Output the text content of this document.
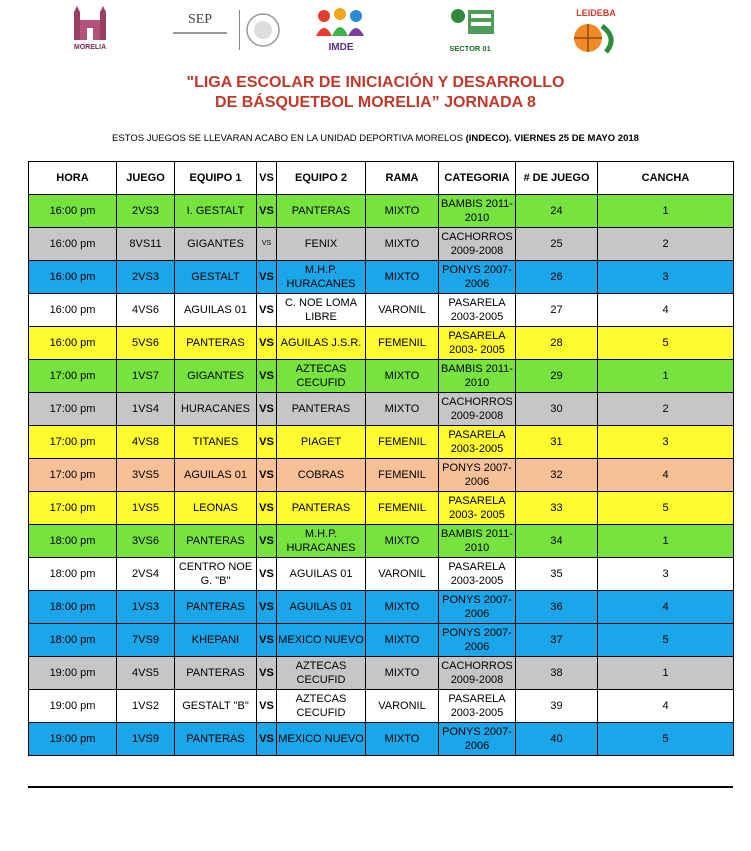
MORELIA
SEP
IMDE	SECTOR 01
LEIDEBA
"LIGA ESCOLAR DE INICIACIÓN Y DESARROLLO
DE BÁSQUETBOL MORELIA” JORNADA 8
ESTOS JUEGOS SE LLEVARAN ACABO EN LA UNIDAD DEPORTIVA MORELOS (INDECO). VIERNES 25 DE MAYO 2018
HORA	JUEGO	EQUIPO 1	VS	EQUIPO 2	RAMA	CATEGORIA	# DE JUEGO	CANCHA
16:00 pm	2VS3	I. GESTALT	VS	PANTERAS	MIXTO	BAMBIS 2011-2010	24	1
16:00 pm	8VS11	GIGANTES	VS	FENIX	MIXTO	CACHORROS 2009-2008	25	2
16:00 pm	2VS3	GESTALT	VS	M.H.P. HURACANES	MIXTO	PONYS 2007-2006	26	3
16:00 pm	4VS6	AGUILAS 01	VS	C. NOE LOMA LIBRE	VARONIL	PASARELA 2003-2005	27	4
16:00 pm	5VS6	PANTERAS	VS	AGUILAS J.S.R.	FEMENIL	PASARELA 2003- 2005	28	5
17:00 pm	1VS7	GIGANTES	VS	AZTECAS CECUFID	MIXTO	BAMBIS 2011-2010	29	1
17:00 pm	1VS4	HURACANES	VS	PANTERAS	MIXTO	CACHORROS 2009-2008	30	2
17:00 pm	4VS8	TITANES	VS	PIAGET	FEMENIL	PASARELA 2003-2005	31	3
17:00 pm	3VS5	AGUILAS 01	VS	COBRAS	FEMENIL	PONYS 2007-2006	32	4
17:00 pm	1VS5	LEONAS	VS	PANTERAS	FEMENIL	PASARELA 2003- 2005	33	5
18:00 pm	3VS6	PANTERAS	VS	M.H.P. HURACANES	MIXTO	BAMBIS 2011-2010	34	1
18:00 pm	2VS4	CENTRO NOE G. "B"	VS	AGUILAS 01	VARONIL	PASARELA 2003-2005	35	3
18:00 pm	1VS3	PANTERAS	VS	AGUILAS 01	MIXTO	PONYS 2007-2006	36	4
18:00 pm	7VS9	KHEPANI	VS	MEXICO NUEVO	MIXTO	PONYS 2007-2006	37	5
19:00 pm	4VS5	PANTERAS	VS	AZTECAS CECUFID	MIXTO	CACHORROS 2009-2008	38	1
19:00 pm	1VS2	GESTALT "B"	VS	AZTECAS CECUFID	VARONIL	PASARELA 2003-2005	39	4
19:00 pm	1VS9	PANTERAS	VS	MEXICO NUEVO	MIXTO	PONYS 2007-2006	40	5
